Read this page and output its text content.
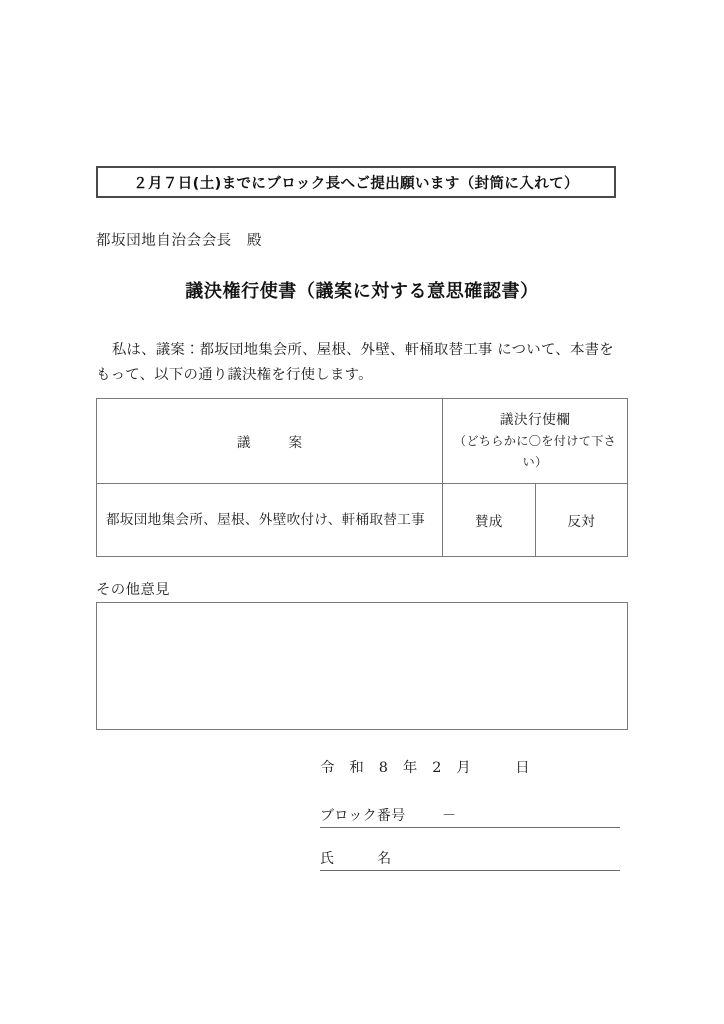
２月７日(土)までにブロック長へご提出願います（封筒に入れて）
都坂団地自治会会長　殿
議決権行使書（議案に対する意思確認書）
私は、議案：都坂団地集会所、屋根、外壁、軒桶取替工事 について、本書を
もって、以下の通り議決権を行使します。
議　案	議決行使欄
（どちらかに〇を付けて下さい）	

都坂団地集会所、屋根、外壁吹付け、軒桶取替工事	賛成	反対
その他意見
令　和　8　年　2　月　　　日
ブロック番号	－
氏　　　名
